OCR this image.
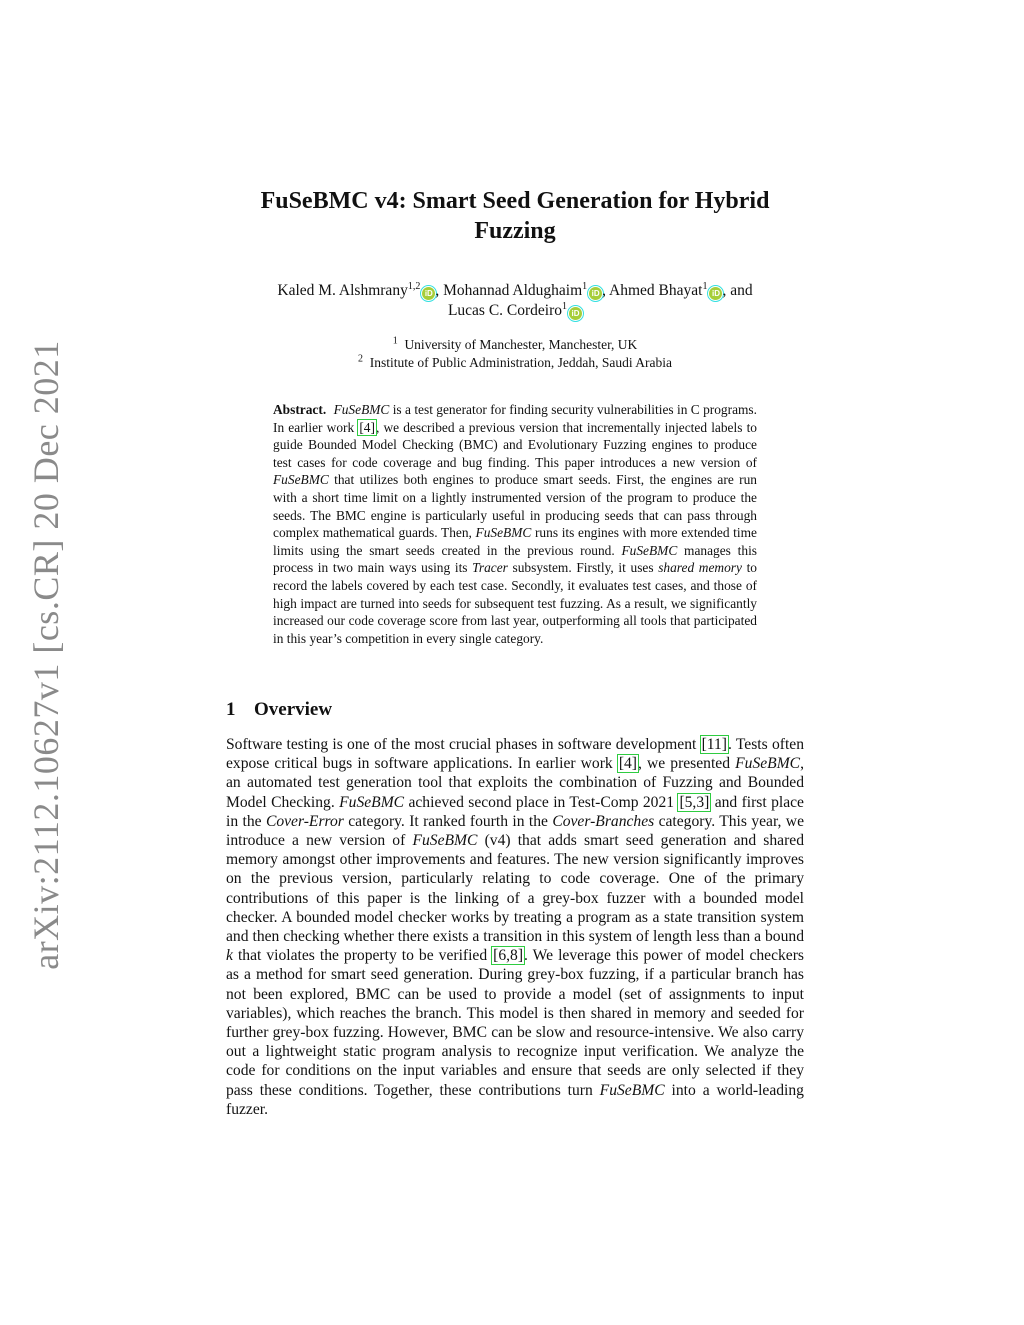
arXiv:2112.10627v1 [cs.CR] 20 Dec 2021
FuSeBMC v4: Smart Seed Generation for Hybrid
Fuzzing
Kaled M. Alshmrany$^{1,2}$iD , Mohannad Aldughaim$^1$iD , Ahmed Bhayat$^1$iD , and
Lucas C. Cordeiro$^1$iD
$^1$ University of Manchester, Manchester, UK
$^2$ Institute of Public Administration, Jeddah, Saudi Arabia
Abstract. FuSeBMC is a test generator for finding security vulnerabilities in C programs. In earlier work [4], we described a previous version that incrementally injected labels to guide Bounded Model Checking (BMC) and Evolutionary Fuzzing engines to produce test cases for code coverage and bug finding. This paper introduces a new version of FuSeBMC that utilizes both engines to produce smart seeds. First, the engines are run with a short time limit on a lightly instrumented version of the program to produce the seeds. The BMC engine is particularly useful in producing seeds that can pass through complex mathematical guards. Then, FuSeBMC runs its engines with more extended time limits using the smart seeds created in the previous round. FuSeBMC manages this process in two main ways using its Tracer subsystem. Firstly, it uses shared memory to record the labels covered by each test case. Secondly, it evaluates test cases, and those of high impact are turned into seeds for subsequent test fuzzing. As a result, we significantly increased our code coverage score from last year, outperforming all tools that participated in this year’s competition in every single category.
1 Overview
Software testing is one of the most crucial phases in software development [11]. Tests often expose critical bugs in software applications. In earlier work [4], we presented FuSeBMC, an automated test generation tool that exploits the combination of Fuzzing and Bounded Model Checking. FuSeBMC achieved second place in Test-Comp 2021 [5,3] and first place in the Cover-Error category. It ranked fourth in the Cover-Branches category. This year, we introduce a new version of FuSeBMC (v4) that adds smart seed generation and shared memory amongst other improvements and features. The new version significantly improves on the previous version, particularly relating to code coverage. One of the primary contributions of this paper is the linking of a grey-box fuzzer with a bounded model checker. A bounded model checker works by treating a program as a state transition system and then checking whether there exists a transition in this system of length less than a bound k that violates the property to be verified [6,8]. We leverage this power of model checkers as a method for smart seed generation. During grey-box fuzzing, if a particular branch has not been explored, BMC can be used to provide a model (set of assignments to input variables), which reaches the branch. This model is then shared in memory and seeded for further grey-box fuzzing. However, BMC can be slow and resource-intensive. We also carry out a lightweight static program analysis to recognize input verification. We analyze the code for conditions on the input variables and ensure that seeds are only selected if they pass these conditions. Together, these contributions turn FuSeBMC into a world-leading fuzzer.
